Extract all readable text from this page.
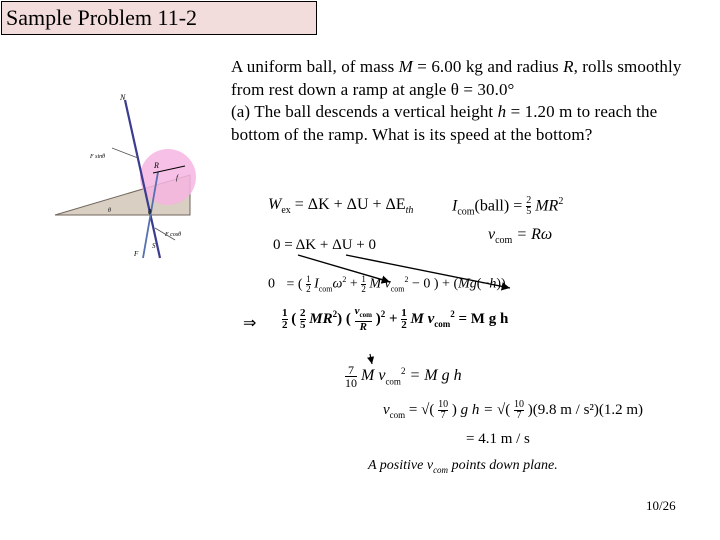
Sample Problem 11-2

A uniform ball, of mass M = 6.00 kg and radius R, rolls smoothly from rest down a ramp at angle θ = 30.0°

(a) The ball descends a vertical height h = 1.20 m to reach the bottom of the ramp. What is its speed at the bottom?

N
F sinθ
R
f
θ	θ
F cosθ
S
F
$W_{ex} = \Delta K + \Delta U + \Delta E_{th}$ $I_{com}(ball) = \frac{2}{5} MR^2$
$v_{com} = R\omega$
0 = ΔK + ΔU + 0
0 = ( $\frac{1}{2} I_{com}\omega^2 + \frac{1}{2}$ M $v_{com}^2 - 0$ ) + (Mg(−h))
⇒ $\frac{1}{2}$ ( $\frac{2}{5} MR^2$) (
$v_{com}$
R
)$^2 + \frac{1}{2}$ M $v_{com}^2 = M$ g h
$\frac{7}{10}$ M $v_{com}^2 = M$ g h
$v_{com}$ = √( $\frac{10}{7}$ ) g h = √( $\frac{10}{7} )(9.8$ m / s²)(1.2 m)
= 4.1 m / s
A positive $v_{com}$ points down plane.
10/26
